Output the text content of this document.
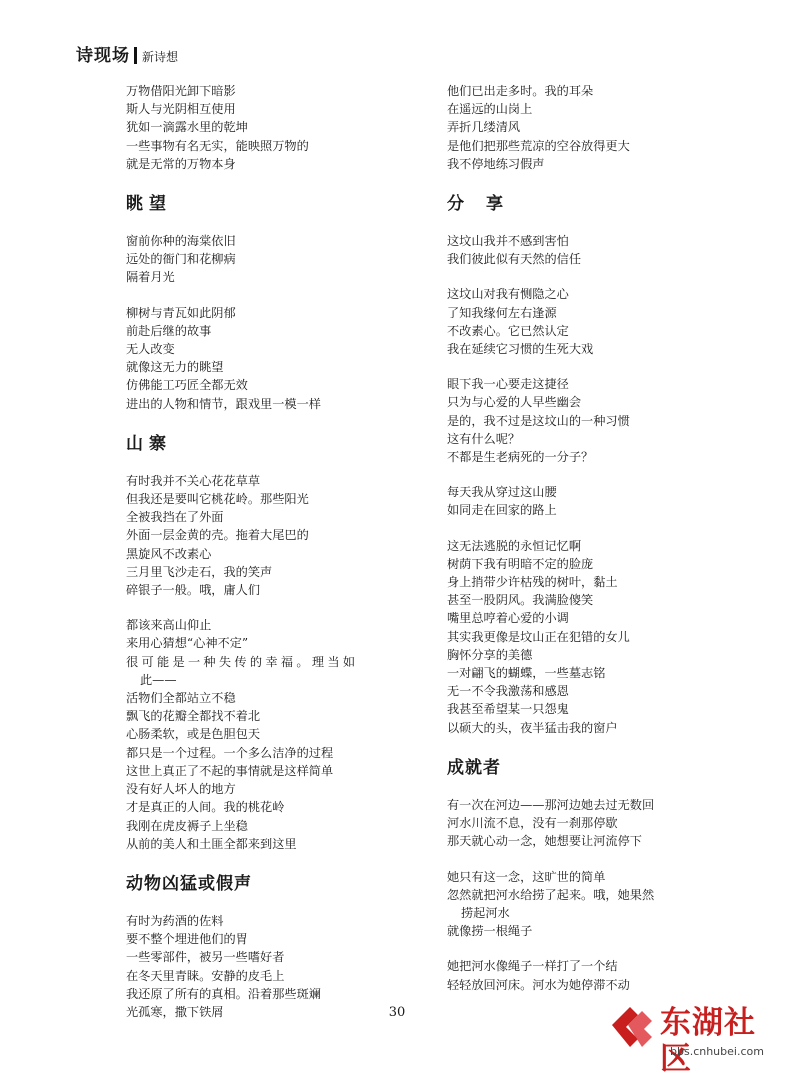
诗现场 新诗想
万物借阳光卸下暗影
斯人与光阴相互使用
犹如一滴露水里的乾坤
一些事物有名无实，能映照万物的
就是无常的万物本身
眺望
窗前你种的海棠依旧
远处的衙门和花柳病
隔着月光
柳树与青瓦如此阴郁
前赴后继的故事
无人改变
就像这无力的眺望
仿佛能工巧匠全都无效
进出的人物和情节，跟戏里一模一样
山寨
有时我并不关心花花草草
但我还是要叫它桃花岭。那些阳光
全被我挡在了外面
外面一层金黄的壳。拖着大尾巴的
黑旋风不改素心
三月里飞沙走石，我的笑声
碎银子一般。哦，庸人们
都该来高山仰止
来用心猜想“心神不定”
很可能是一种失传的幸福。理当如
此——
活物们全都站立不稳
飘飞的花瓣全都找不着北
心肠柔软，或是色胆包天
都只是一个过程。一个多么洁净的过程
这世上真正了不起的事情就是这样简单
没有好人坏人的地方
才是真正的人间。我的桃花岭
我刚在虎皮褥子上坐稳
从前的美人和土匪全都来到这里
动物凶猛或假声
有时为药酒的佐料
要不整个埋进他们的胃
一些零部件，被另一些嗜好者
在冬天里青睐。安静的皮毛上
我还原了所有的真相。沿着那些斑斓
光孤寒，撒下铁屑
他们已出走多时。我的耳朵
在遥远的山岗上
弄折几缕清风
是他们把那些荒凉的空谷放得更大
我不停地练习假声
分享
这坟山我并不感到害怕
我们彼此似有天然的信任
这坟山对我有恻隐之心
了知我缘何左右逢源
不改素心。它已然认定
我在延续它习惯的生死大戏
眼下我一心要走这捷径
只为与心爱的人早些幽会
是的，我不过是这坟山的一种习惯
这有什么呢？
不都是生老病死的一分子？
每天我从穿过这山腰
如同走在回家的路上
这无法逃脱的永恒记忆啊
树荫下我有明暗不定的脸庞
身上捎带少许枯残的树叶，黏土
甚至一股阴风。我满脸傻笑
嘴里总哼着心爱的小调
其实我更像是坟山正在犯错的女儿
胸怀分享的美德
一对翩飞的蝴蝶，一些墓志铭
无一不令我激荡和感恩
我甚至希望某一只怨鬼
以硕大的头，夜半猛击我的窗户
成就者
有一次在河边——那河边她去过无数回
河水川流不息，没有一刹那停歇
那天就心动一念，她想要让河流停下
她只有这一念，这旷世的简单
忽然就把河水给捞了起来。哦，她果然
捞起河水
就像捞一根绳子
她把河水像绳子一样打了一个结
轻轻放回河床。河水为她停滞不动
30	东湖社区
bbs.cnhubei.com
